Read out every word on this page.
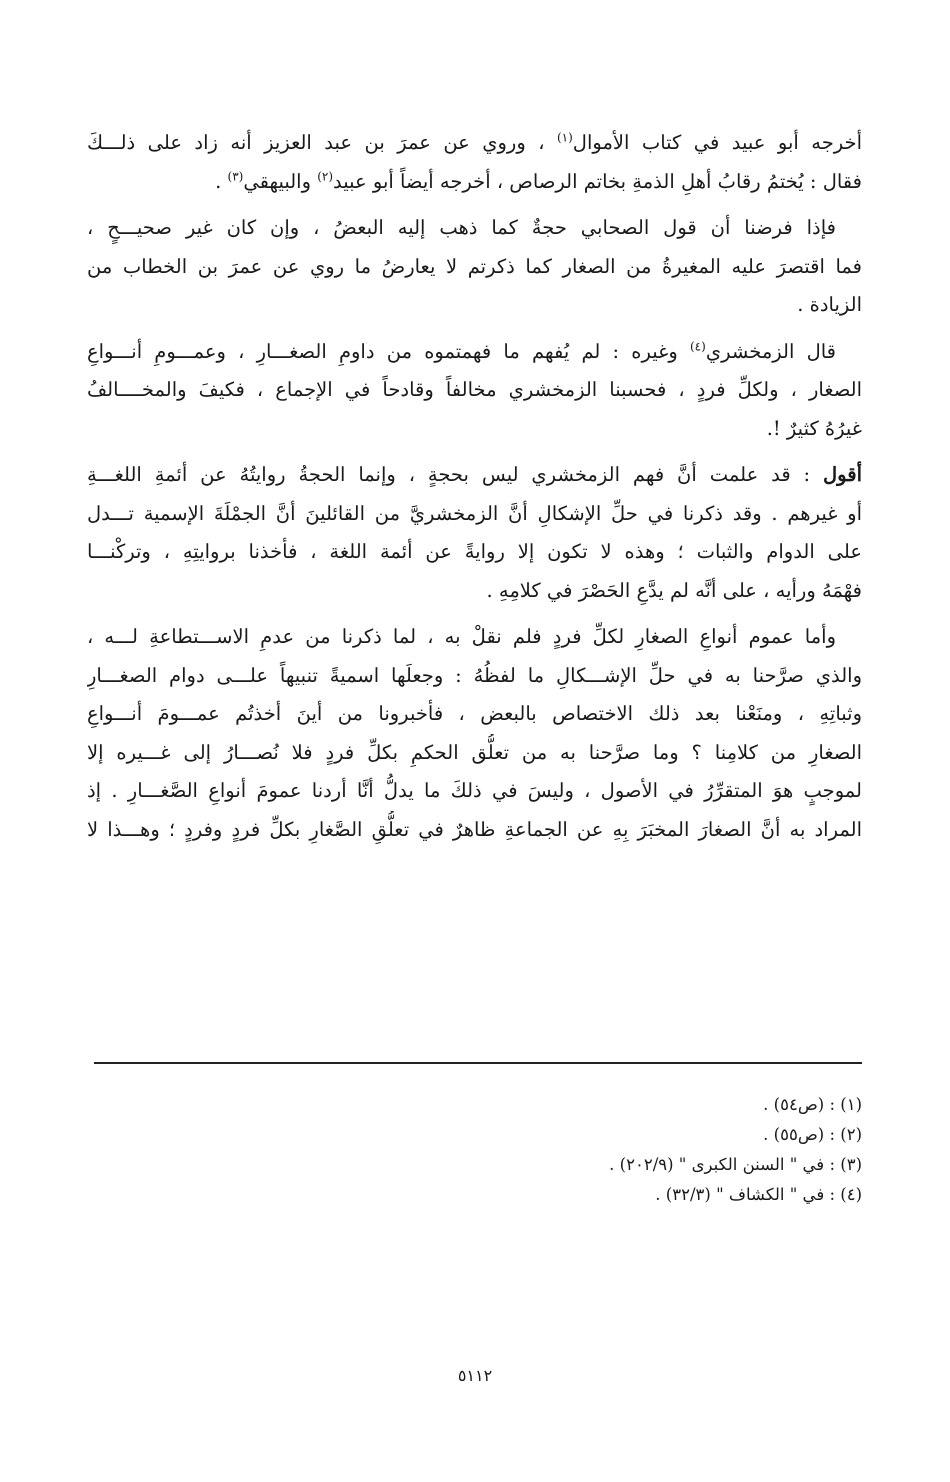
أخرجه أبو عبيد في كتاب الأموال$^{(١)}$ ، وروي عن عمرَ بن عبد العزيز أنه زاد على ذلـــكَ
فقال : يُختمُ رقابُ أهلِ الذمةِ بخاتم الرصاص ، أخرجه أيضاً أبو عبيد$^{(٢)}$ والبيهقي$^{(٣)}$ .
فإذا فرضنا أن قول الصحابي حجةٌ كما ذهب إليه البعضُ ، وإن كان غير صحيـــحٍ ،
فما اقتصرَ عليه المغيرةُ من الصغار كما ذكرتم لا يعارضُ ما روي عن عمرَ بن الخطاب من
الزيادة .
قال الزمخشري$^{(٤)}$ وغيره : لم يُفهم ما فهمتموه من داومِ الصغـــارِ ، وعمـــومِ أنـــواعِ
الصغار ، ولكلِّ فردٍ ، فحسبنا الزمخشري مخالفاً وقادحاً في الإجماع ، فكيفَ والمخــــالفُ
غيرُهُ كثيرٌ !.
أقول : قد علمت أنَّ فهم الزمخشري ليس بحجةٍ ، وإنما الحجةُ روايتُهُ عن أئمةِ اللغـــةِ
أو غيرهم . وقد ذكرنا في حلِّ الإشكالِ أنَّ الزمخشريَّ من القائلينَ أنَّ الجمْلَةَ الإسمية تـــدل
على الدوام والثبات ؛ وهذه لا تكون إلا روايةً عن أئمة اللغة ، فأخذنا بروايتِهِ ، وتركْنـــا
فهْمَهُ ورأيه ، على أنَّه لم يدَّعِ الحَصْرَ في كلامِهِ .
وأما عموم أنواعِ الصغارِ لكلِّ فردٍ فلم نقلْ به ، لما ذكرنا من عدمِ الاســـتطاعةِ لـــه ،
والذي صرَّحنا به في حلِّ الإشـــكالِ ما لفظُهُ : وجعلَها اسميةً تنبيهاً علـــى دوام الصغـــارِ
وثباتِهِ ، ومنَعْنا بعد ذلك الاختصاص بالبعض ، فأخبرونا من أينَ أخذتُم عمـــومَ أنـــواعِ
الصغارِ من كلامِنا ؟ وما صرَّحنا به من تعلُّق الحكمِ بكلِّ فردٍ فلا نُصـــارُ إلى غـــيره إلا
لموجبٍ هوَ المتقرِّرُ في الأصول ، وليسَ في ذلكَ ما يدلُّ أنَّا أردنا عمومَ أنواعِ الصَّغـــارِ . إذ
المراد به أنَّ الصغارَ المخبَرَ بِهِ عن الجماعةِ ظاهرٌ في تعلُّقِ الصَّغارِ بكلِّ فردٍ وفردٍ ؛ وهـــذا لا
(١) : (ص٥٤) .
(٢) : (ص٥٥) .
(٣) : في " السنن الكبرى " (٢٠٢/٩) .
(٤) : في " الكشاف " (٣٢/٣) .
٥١١٢
